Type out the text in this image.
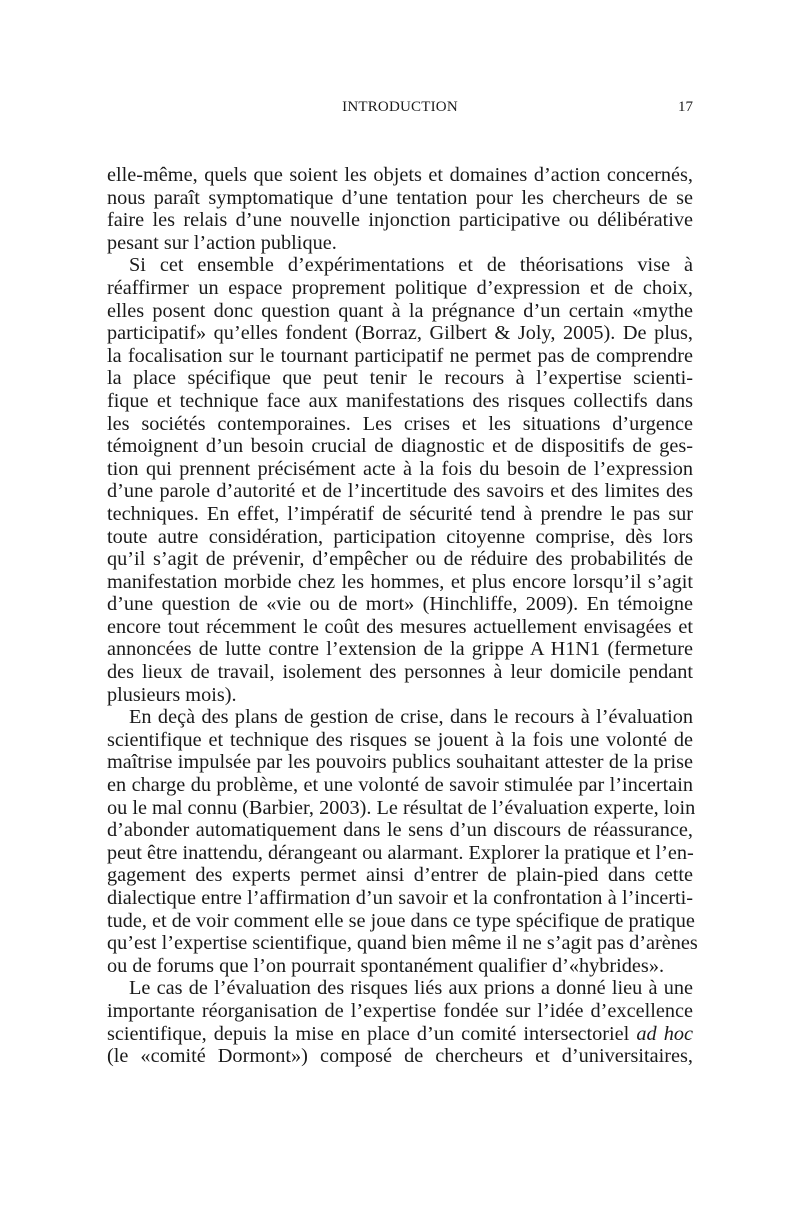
INTRODUCTION	17
elle-même, quels que soient les objets et domaines d’action concernés,
nous paraît symptomatique d’une tentation pour les chercheurs de se
faire les relais d’une nouvelle injonction participative ou délibérative
pesant sur l’action publique.
Si cet ensemble d’expérimentations et de théorisations vise à
réaffirmer un espace proprement politique d’expression et de choix,
elles posent donc question quant à la prégnance d’un certain «mythe
participatif» qu’elles fondent (Borraz, Gilbert & Joly, 2005). De plus,
la focalisation sur le tournant participatif ne permet pas de comprendre
la place spécifique que peut tenir le recours à l’expertise scienti-
fique et technique face aux manifestations des risques collectifs dans
les sociétés contemporaines. Les crises et les situations d’urgence
témoignent d’un besoin crucial de diagnostic et de dispositifs de ges-
tion qui prennent précisément acte à la fois du besoin de l’expression
d’une parole d’autorité et de l’incertitude des savoirs et des limites des
techniques. En effet, l’impératif de sécurité tend à prendre le pas sur
toute autre considération, participation citoyenne comprise, dès lors
qu’il s’agit de prévenir, d’empêcher ou de réduire des probabilités de
manifestation morbide chez les hommes, et plus encore lorsqu’il s’agit
d’une question de «vie ou de mort» (Hinchliffe, 2009). En témoigne
encore tout récemment le coût des mesures actuellement envisagées et
annoncées de lutte contre l’extension de la grippe A H1N1 (fermeture
des lieux de travail, isolement des personnes à leur domicile pendant
plusieurs mois).
En deçà des plans de gestion de crise, dans le recours à l’évaluation
scientifique et technique des risques se jouent à la fois une volonté de
maîtrise impulsée par les pouvoirs publics souhaitant attester de la prise
en charge du problème, et une volonté de savoir stimulée par l’incertain
ou le mal connu (Barbier, 2003). Le résultat de l’évaluation experte, loin
d’abonder automatiquement dans le sens d’un discours de réassurance,
peut être inattendu, dérangeant ou alarmant. Explorer la pratique et l’en-
gagement des experts permet ainsi d’entrer de plain-pied dans cette
dialectique entre l’affirmation d’un savoir et la confrontation à l’incerti-
tude, et de voir comment elle se joue dans ce type spécifique de pratique
qu’est l’expertise scientifique, quand bien même il ne s’agit pas d’arènes
ou de forums que l’on pourrait spontanément qualifier d’«hybrides».
Le cas de l’évaluation des risques liés aux prions a donné lieu à une
importante réorganisation de l’expertise fondée sur l’idée d’excellence
scientifique, depuis la mise en place d’un comité intersectoriel ad hoc
(le «comité Dormont») composé de chercheurs et d’universitaires,
